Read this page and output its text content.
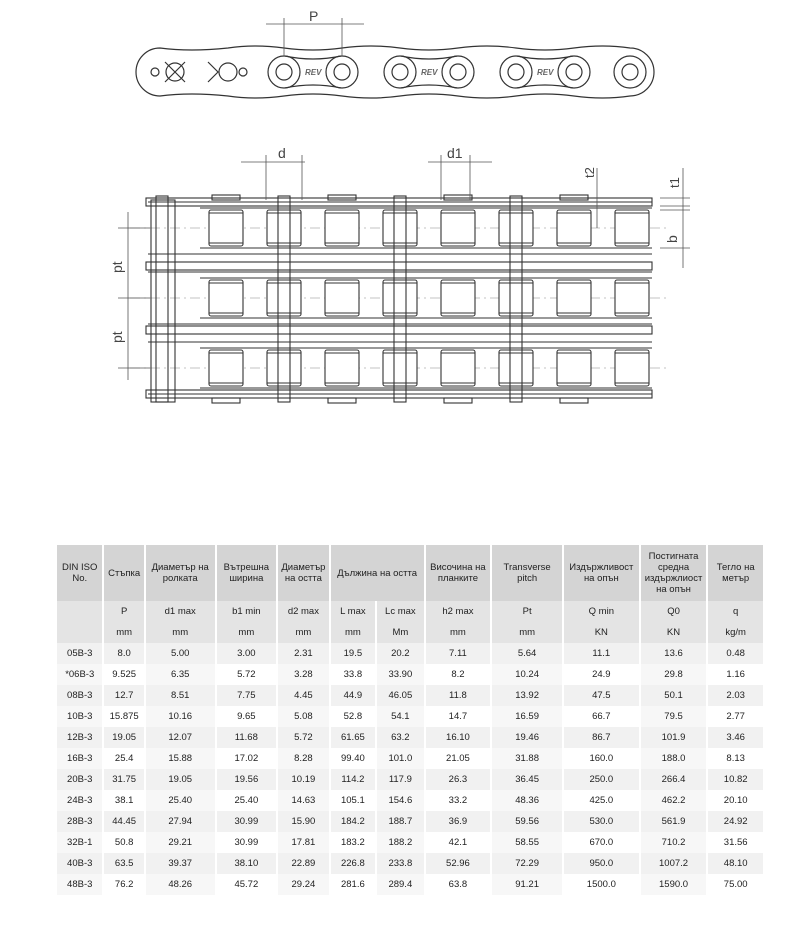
P
d	d1
t2
t1
b
pt
pt
REV	REV	REV
DIN ISO No.	Стъпка	Диаметър на ролката	Вътрешна ширина	Диаметър на остта	Дължина на остта		Височина на планките	Transverse pitch	Издържливост на опън	Постигната средна издържлиост на опън	Тегло на метър
	P	d1 max	b1 min	d2 max	L max	Lc max	h2 max	Pt	Q min	Q0	q
	mm	mm	mm	mm	mm	Mm	mm	mm	KN	KN	kg/m
05B-3	8.0	5.00	3.00	2.31	19.5	20.2	7.11	5.64	11.1	13.6	0.48
*06B-3	9.525	6.35	5.72	3.28	33.8	33.90	8.2	10.24	24.9	29.8	1.16
08B-3	12.7	8.51	7.75	4.45	44.9	46.05	11.8	13.92	47.5	50.1	2.03
10B-3	15.875	10.16	9.65	5.08	52.8	54.1	14.7	16.59	66.7	79.5	2.77
12B-3	19.05	12.07	11.68	5.72	61.65	63.2	16.10	19.46	86.7	101.9	3.46
16B-3	25.4	15.88	17.02	8.28	99.40	101.0	21.05	31.88	160.0	188.0	8.13
20B-3	31.75	19.05	19.56	10.19	114.2	117.9	26.3	36.45	250.0	266.4	10.82
24B-3	38.1	25.40	25.40	14.63	105.1	154.6	33.2	48.36	425.0	462.2	20.10
28B-3	44.45	27.94	30.99	15.90	184.2	188.7	36.9	59.56	530.0	561.9	24.92
32B-1	50.8	29.21	30.99	17.81	183.2	188.2	42.1	58.55	670.0	710.2	31.56
40B-3	63.5	39.37	38.10	22.89	226.8	233.8	52.96	72.29	950.0	1007.2	48.10
48B-3	76.2	48.26	45.72	29.24	281.6	289.4	63.8	91.21	1500.0	1590.0	75.00
